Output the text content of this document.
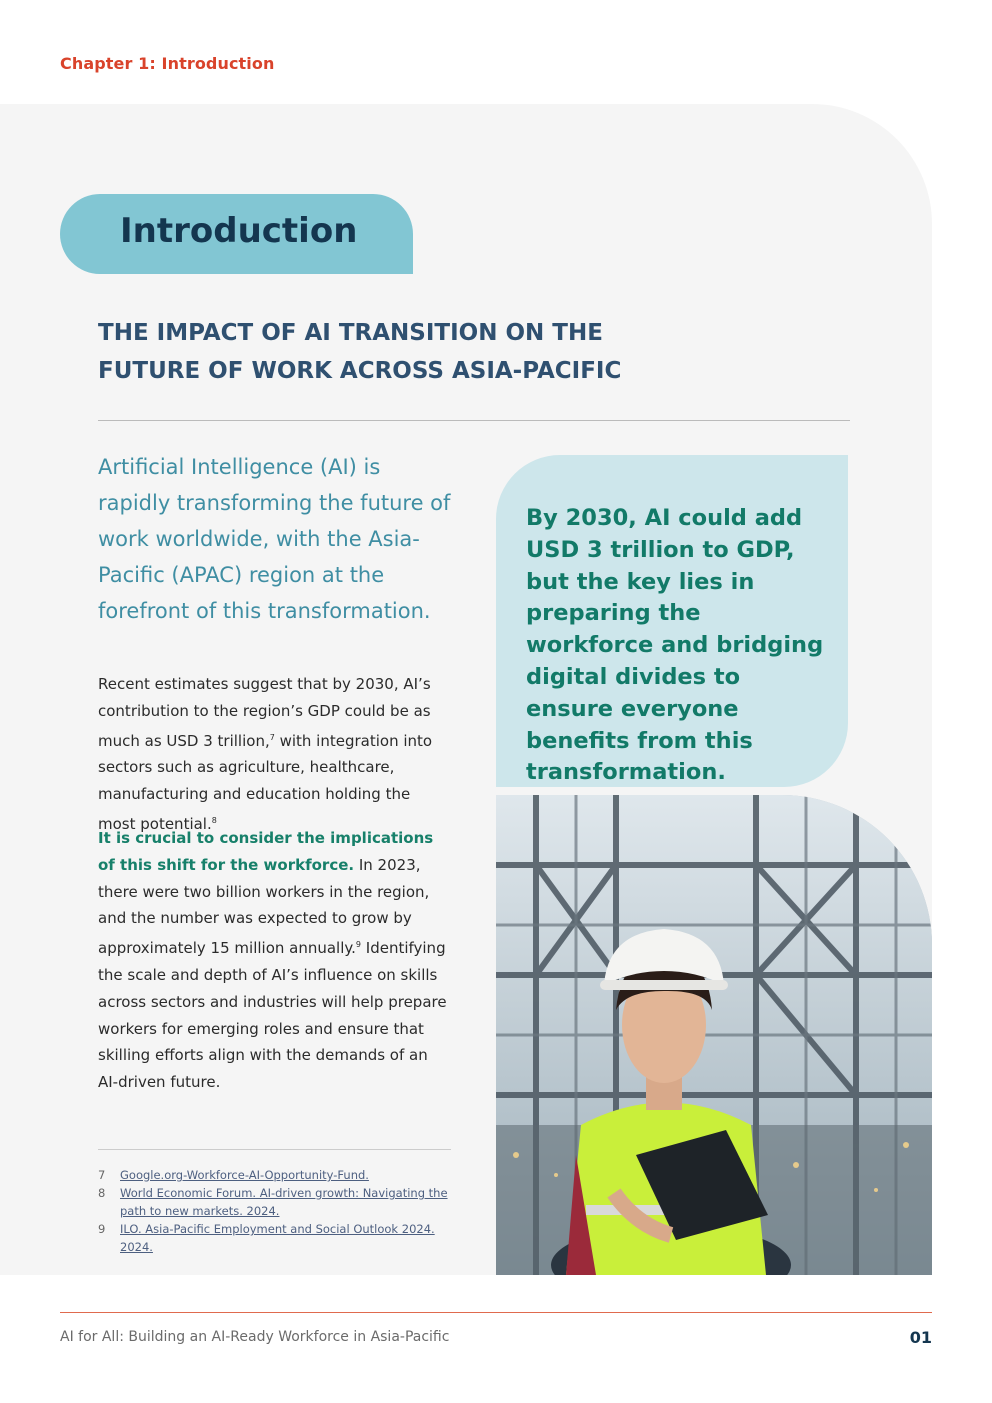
Chapter 1: Introduction
Introduction
THE IMPACT OF AI TRANSITION ON THE
FUTURE OF WORK ACROSS ASIA-PACIFIC
Artificial Intelligence (AI) is rapidly transforming the future of work worldwide, with the Asia-Pacific (APAC) region at the forefront of this transformation.
Recent estimates suggest that by 2030, AI’s contribution to the region’s GDP could be as much as USD 3 trillion,$^7$ with integration into sectors such as agriculture, healthcare, manufacturing and education holding the most potential.$^8$
It is crucial to consider the implications of this shift for the workforce. In 2023, there were two billion workers in the region, and the number was expected to grow by approximately 15 million annually.$^9$ Identifying the scale and depth of AI’s influence on skills across sectors and industries will help prepare workers for emerging roles and ensure that skilling efforts align with the demands of an AI-driven future.
7	Google.org-Workforce-AI-Opportunity-Fund.
8	World Economic Forum. AI-driven growth: Navigating the path to new markets. 2024.
9	ILO. Asia-Pacific Employment and Social Outlook 2024. 2024.
By 2030, AI could add USD 3 trillion to GDP, but the key lies in preparing the workforce and bridging digital divides to ensure everyone benefits from this transformation.
AI for All: Building an AI-Ready Workforce in Asia-Pacific	01
